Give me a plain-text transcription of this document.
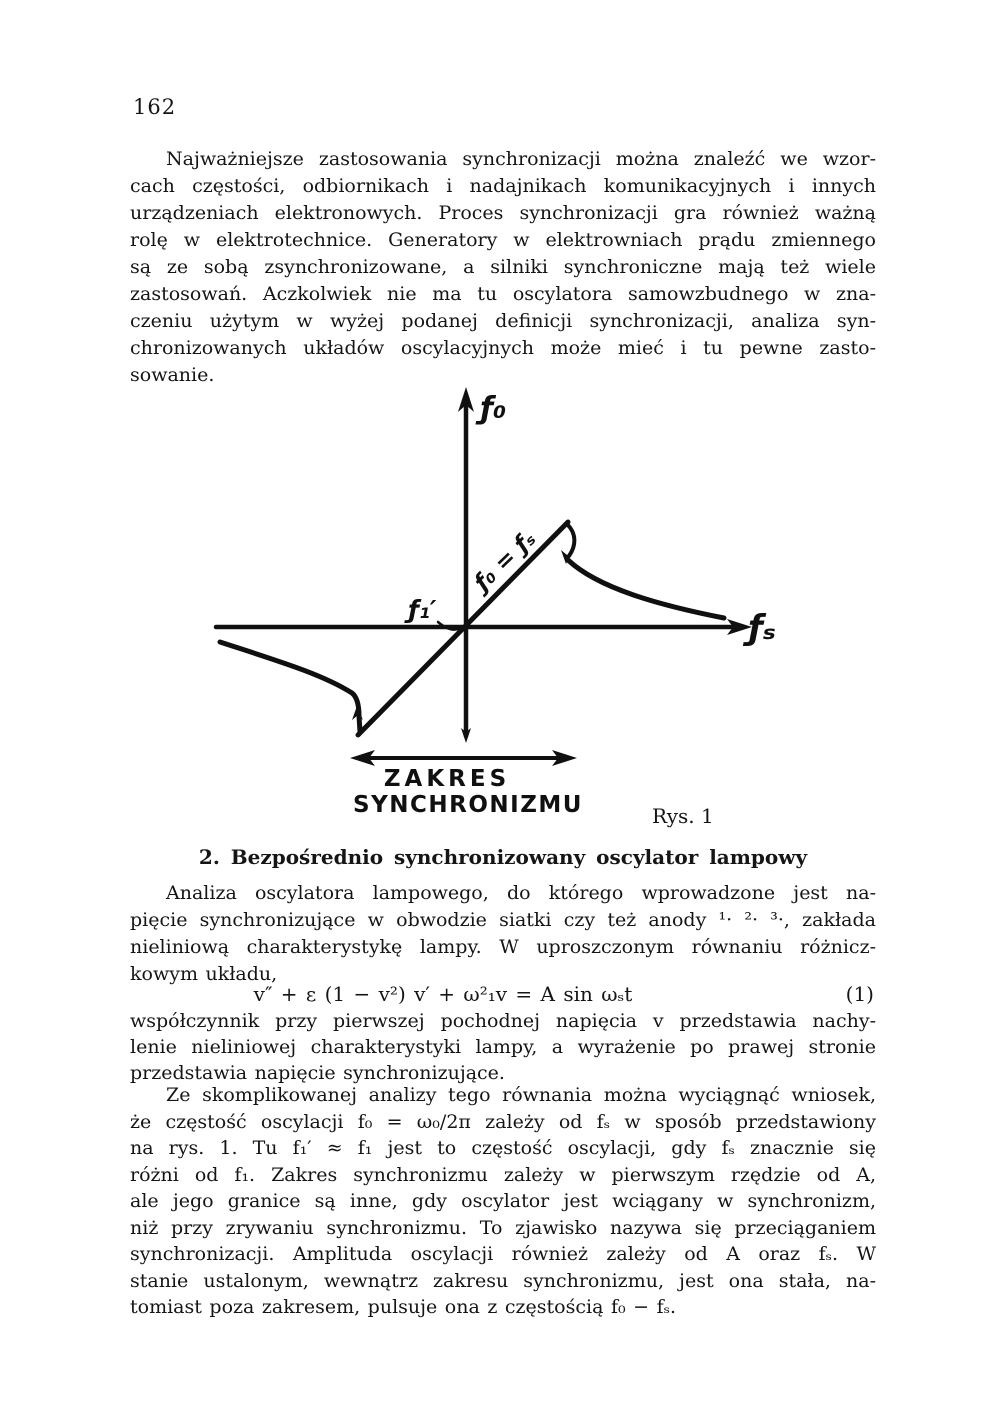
162
Najważniejsze zastosowania synchronizacji można znaleźć we wzor-
cach częstości, odbiornikach i nadajnikach komunikacyjnych i innych
urządzeniach elektronowych. Proces synchronizacji gra również ważną
rolę w elektrotechnice. Generatory w elektrowniach prądu zmiennego
są ze sobą zsynchronizowane, a silniki synchroniczne mają też wiele
zastosowań. Aczkolwiek nie ma tu oscylatora samowzbudnego w zna-
czeniu użytym w wyżej podanej definicji synchronizacji, analiza syn-
chronizowanych układów oscylacyjnych może mieć i tu pewne zasto-
sowanie.
ƒ₀
ƒₛ
ƒ₀ = ƒₛ
ƒ₁′
ZAKRES
SYNCHRONIZMU	Rys. 1
2. Bezpośrednio synchronizowany oscylator lampowy
Analiza oscylatora lampowego, do którego wprowadzone jest na-
pięcie synchronizujące w obwodzie siatki czy też anody ¹· ²· ³·, zakłada
nieliniową charakterystykę lampy. W uproszczonym równaniu różnicz-
kowym układu,
v″ + ε (1 − v²) v′ + ω²₁v = A sin ωₛt	(1)
współczynnik przy pierwszej pochodnej napięcia v przedstawia nachy-
lenie nieliniowej charakterystyki lampy, a wyrażenie po prawej stronie
przedstawia napięcie synchronizujące.
Ze skomplikowanej analizy tego równania można wyciągnąć wniosek,
że częstość oscylacji f₀ = ω₀/2π zależy od fₛ w sposób przedstawiony
na rys. 1. Tu f₁′ ≈ f₁ jest to częstość oscylacji, gdy fₛ znacznie się
różni od f₁. Zakres synchronizmu zależy w pierwszym rzędzie od A,
ale jego granice są inne, gdy oscylator jest wciągany w synchronizm,
niż przy zrywaniu synchronizmu. To zjawisko nazywa się przeciąganiem
synchronizacji. Amplituda oscylacji również zależy od A oraz fₛ. W
stanie ustalonym, wewnątrz zakresu synchronizmu, jest ona stała, na-
tomiast poza zakresem, pulsuje ona z częstością f₀ − fₛ.
